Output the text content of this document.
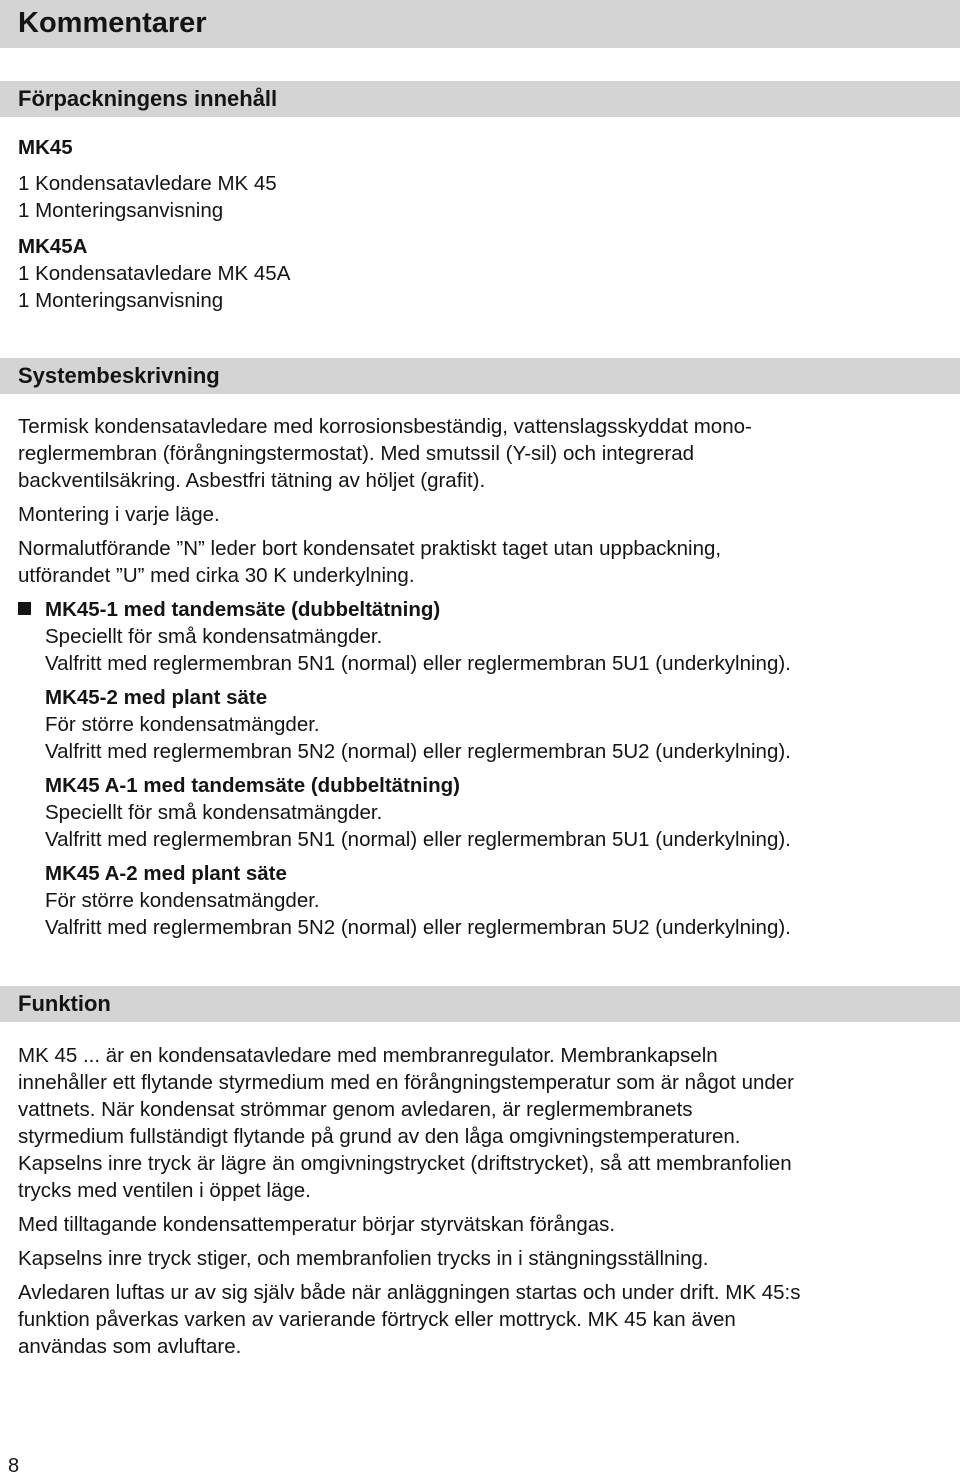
Kommentarer
Förpackningens innehåll

MK45

1 Kondensatavledare MK 45

1 Monteringsanvisning

MK45A

1 Kondensatavledare MK 45A

1 Monteringsanvisning

Systembeskrivning

Termisk kondensatavledare med korrosionsbeständig, vattenslagsskyddat mono-

reglermembran (förångningstermostat). Med smutssil (Y-sil) och integrerad

backventilsäkring. Asbestfri tätning av höljet (grafit).

Montering i varje läge.

Normalutförande ”N” leder bort kondensatet praktiskt taget utan uppbackning,

utförandet ”U” med cirka 30 K underkylning.

MK45-1 med tandemsäte (dubbeltätning)

Speciellt för små kondensatmängder.

Valfritt med reglermembran 5N1 (normal) eller reglermembran 5U1 (underkylning).

MK45-2 med plant säte

För större kondensatmängder.

Valfritt med reglermembran 5N2 (normal) eller reglermembran 5U2 (underkylning).

MK45 A-1 med tandemsäte (dubbeltätning)

Speciellt för små kondensatmängder.

Valfritt med reglermembran 5N1 (normal) eller reglermembran 5U1 (underkylning).

MK45 A-2 med plant säte

För större kondensatmängder.

Valfritt med reglermembran 5N2 (normal) eller reglermembran 5U2 (underkylning).

Funktion

MK 45 ... är en kondensatavledare med membranregulator. Membrankapseln

innehåller ett flytande styrmedium med en förångningstemperatur som är något under

vattnets. När kondensat strömmar genom avledaren, är reglermembranets

styrmedium fullständigt flytande på grund av den låga omgivningstemperaturen.

Kapselns inre tryck är lägre än omgivningstrycket (driftstrycket), så att membranfolien

trycks med ventilen i öppet läge.

Med tilltagande kondensattemperatur börjar styrvätskan förångas.

Kapselns inre tryck stiger, och membranfolien trycks in i stängningsställning.

Avledaren luftas ur av sig själv både när anläggningen startas och under drift. MK 45:s

funktion påverkas varken av varierande förtryck eller mottryck. MK 45 kan även

användas som avluftare.

8
